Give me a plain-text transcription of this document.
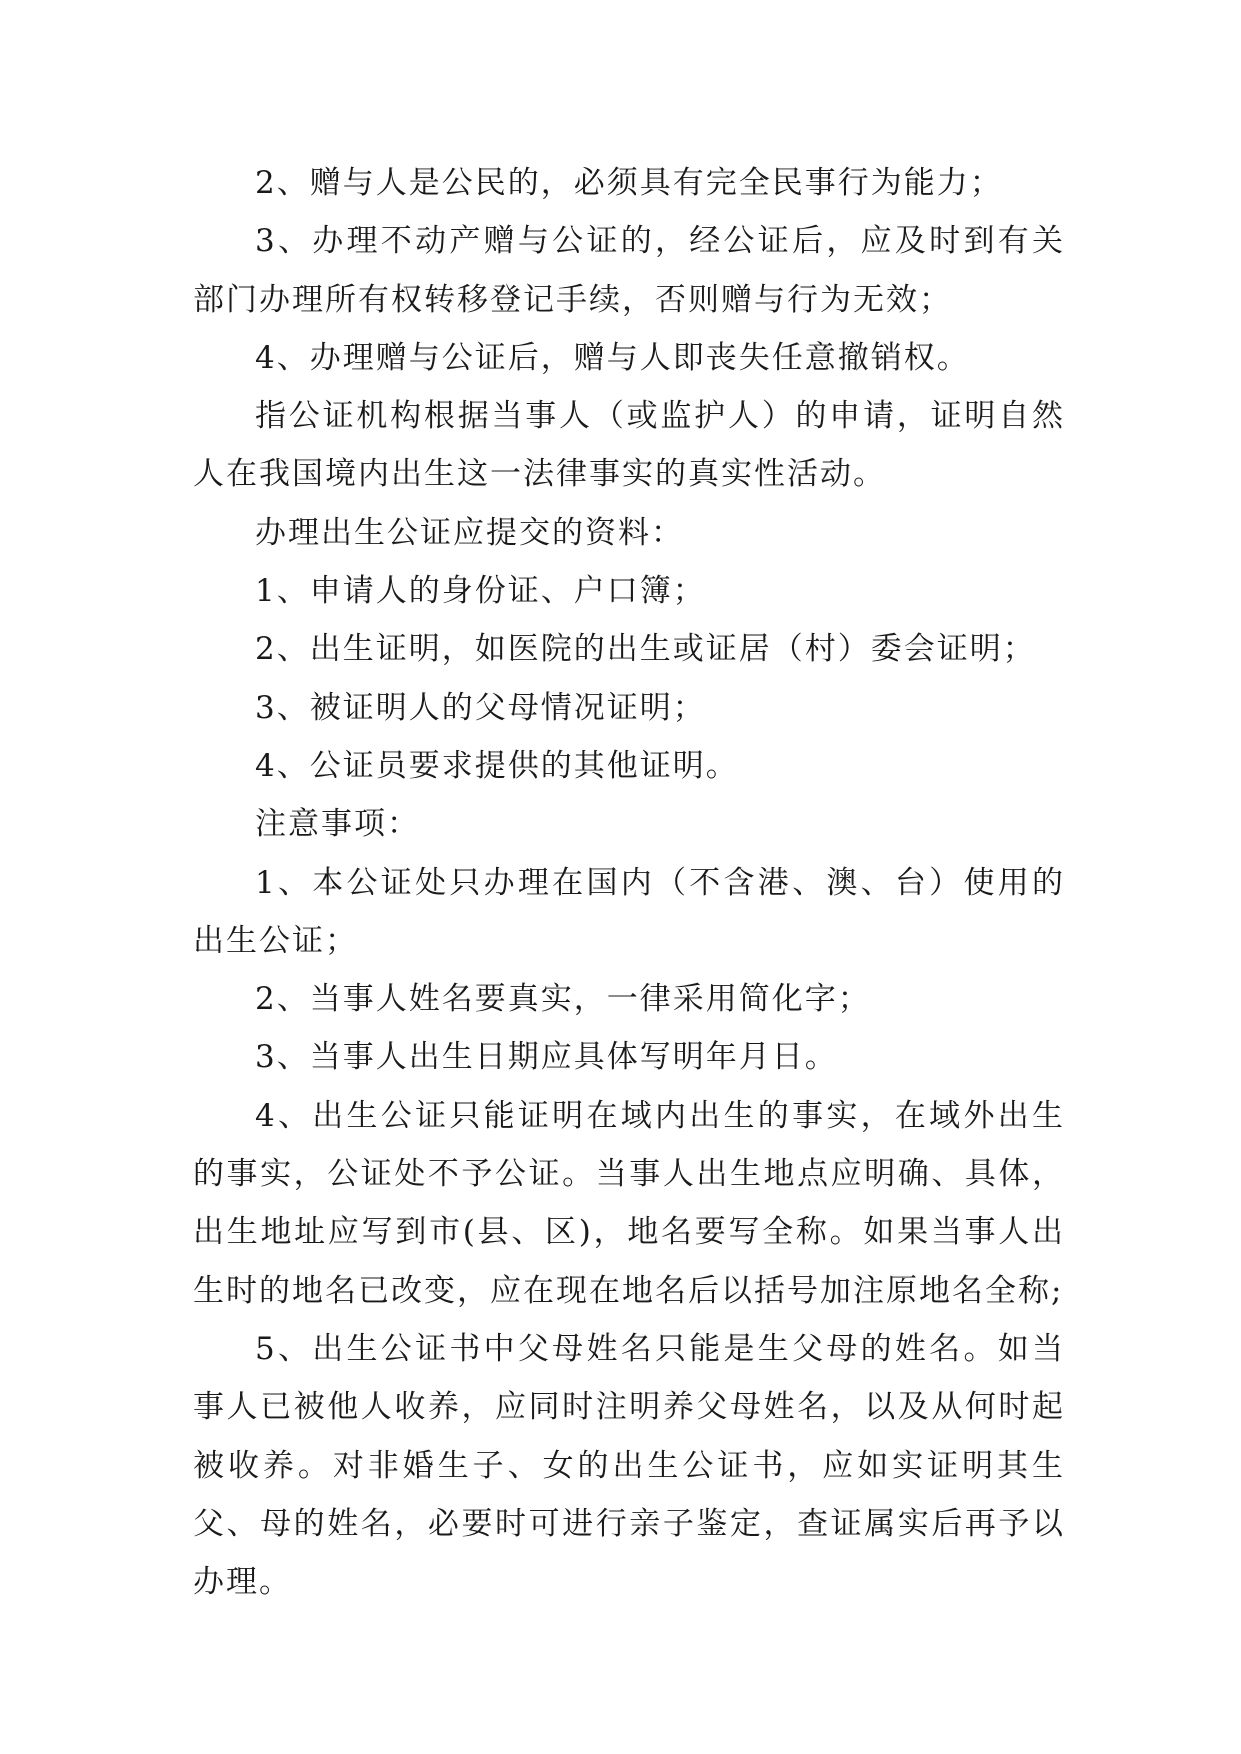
2、赠与人是公民的，必须具有完全民事行为能力；

3、办理不动产赠与公证的，经公证后，应及时到有关部门办理所有权转移登记手续，否则赠与行为无效；

4、办理赠与公证后，赠与人即丧失任意撤销权。

指公证机构根据当事人（或监护人）的申请，证明自然人在我国境内出生这一法律事实的真实性活动。

办理出生公证应提交的资料：

1、申请人的身份证、户口簿；

2、出生证明，如医院的出生或证居（村）委会证明；

3、被证明人的父母情况证明；

4、公证员要求提供的其他证明。

注意事项：

1、本公证处只办理在国内（不含港、澳、台）使用的出生公证；

2、当事人姓名要真实，一律采用简化字；

3、当事人出生日期应具体写明年月日。

4、出生公证只能证明在域内出生的事实，在域外出生的事实，公证处不予公证。当事人出生地点应明确、具体，出生地址应写到市(县、区)，地名要写全称。如果当事人出生时的地名已改变，应在现在地名后以括号加注原地名全称;

5、出生公证书中父母姓名只能是生父母的姓名。如当事人已被他人收养，应同时注明养父母姓名，以及从何时起被收养。对非婚生子、女的出生公证书，应如实证明其生父、母的姓名，必要时可进行亲子鉴定，查证属实后再予以办理。
